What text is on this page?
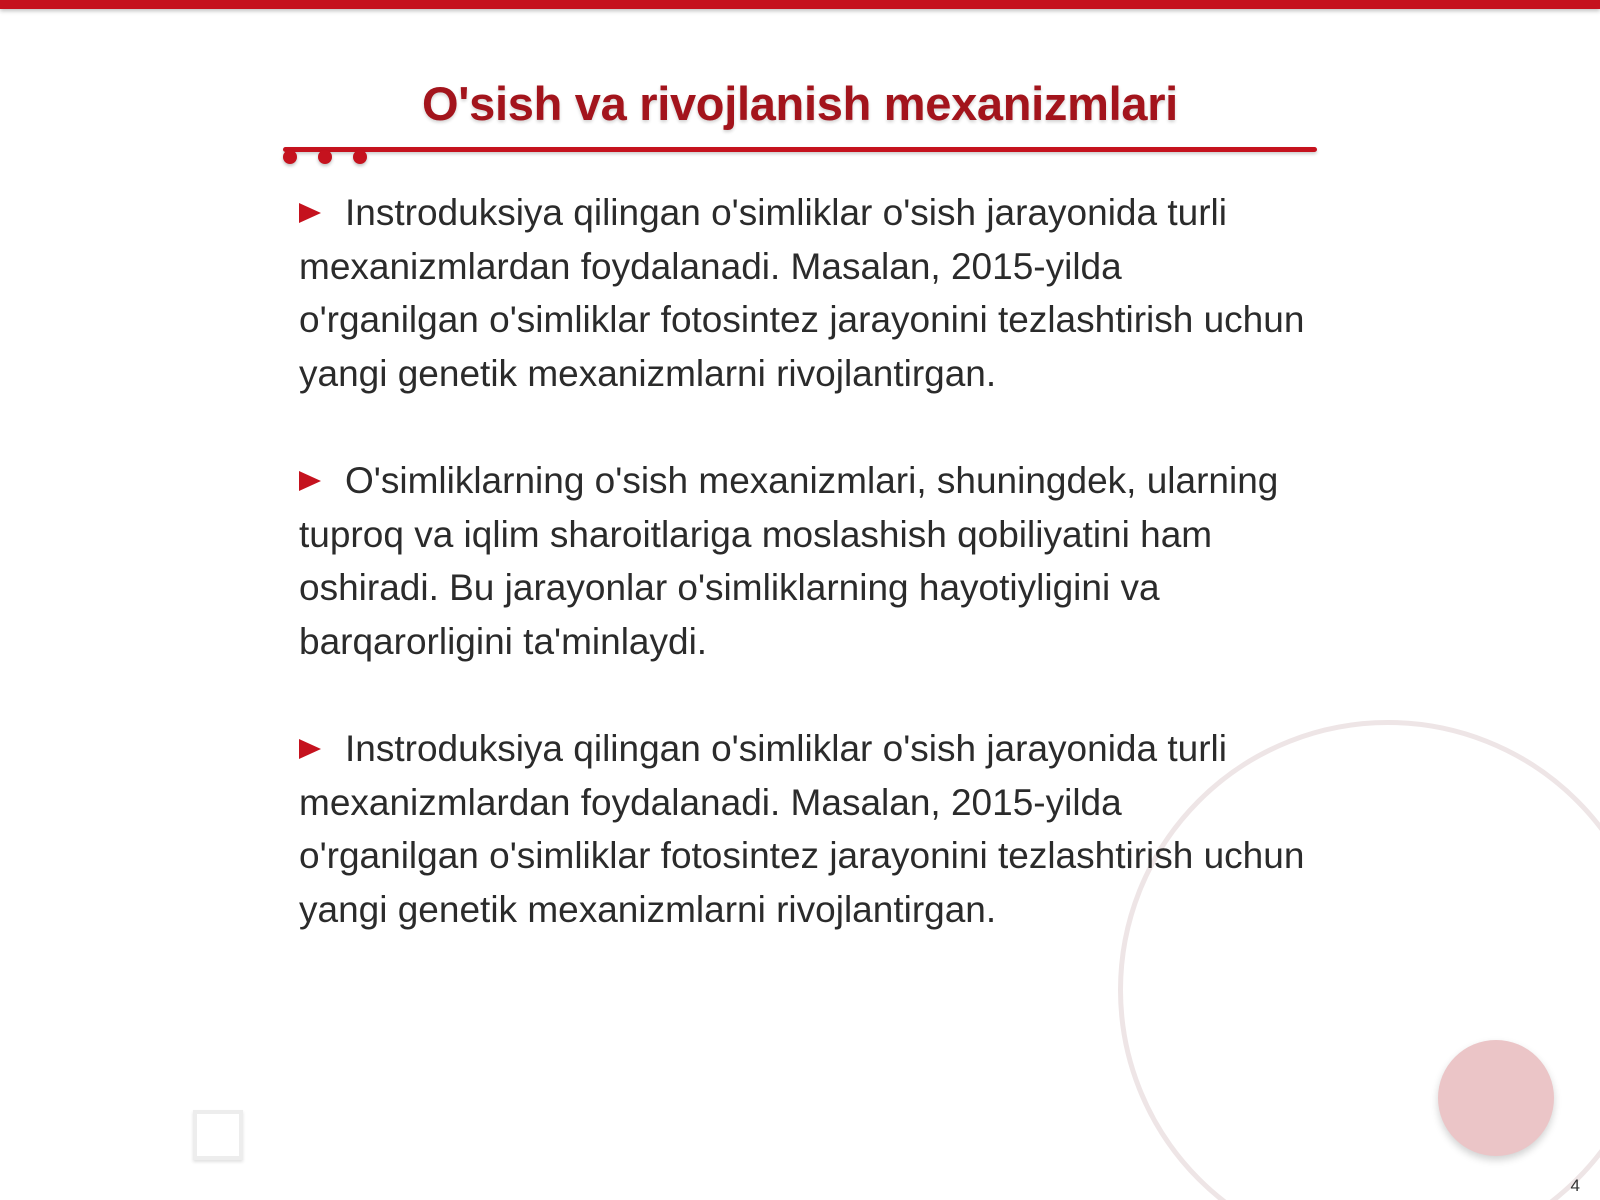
O'sish va rivojlanish mexanizmlari
Instroduksiya qilingan o'simliklar o'sish jarayonida turli mexanizmlardan foydalanadi. Masalan, 2015-yilda o'rganilgan o'simliklar fotosintez jarayonini tezlashtirish uchun yangi genetik mexanizmlarni rivojlantirgan.
O'simliklarning o'sish mexanizmlari, shuningdek, ularning tuproq va iqlim sharoitlariga moslashish qobiliyatini ham oshiradi. Bu jarayonlar o'simliklarning hayotiyligini va barqarorligini ta'minlaydi.
Instroduksiya qilingan o'simliklar o'sish jarayonida turli mexanizmlardan foydalanadi. Masalan, 2015-yilda o'rganilgan o'simliklar fotosintez jarayonini tezlashtirish uchun yangi genetik mexanizmlarni rivojlantirgan.
4
